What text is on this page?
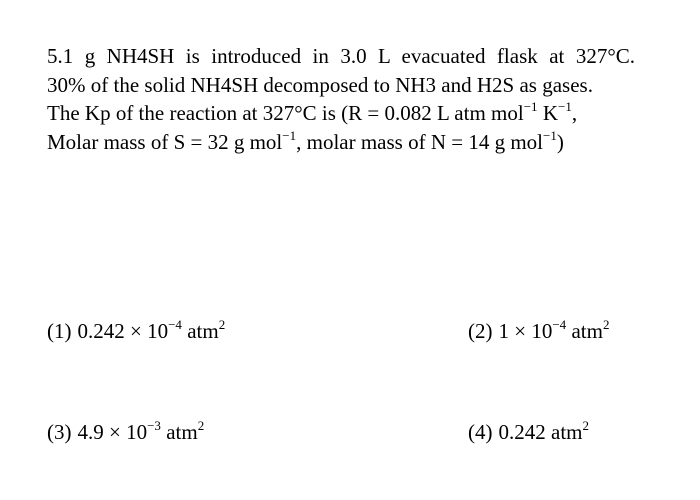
5.1 g NH4SH is introduced in 3.0 L evacuated flask at 327°C.
30% of the solid NH4SH decomposed to NH3 and H2S as gases.
The Kp of the reaction at 327°C is (R = 0.082 L atm mol$^{-1}$ $K^{-1}$,
Molar mass of S = 32 g mol$^{-1}$, molar mass of N = 14 g mol$^{-1}$)
(1) $0.242 \times 10^{-4}$ atm$^2$	(2) $1 \times 10^{-4}$ atm$^2$
(3) $4.9 \times 10^{-3}$ atm$^2$	(4) 0.242 atm$^2$
